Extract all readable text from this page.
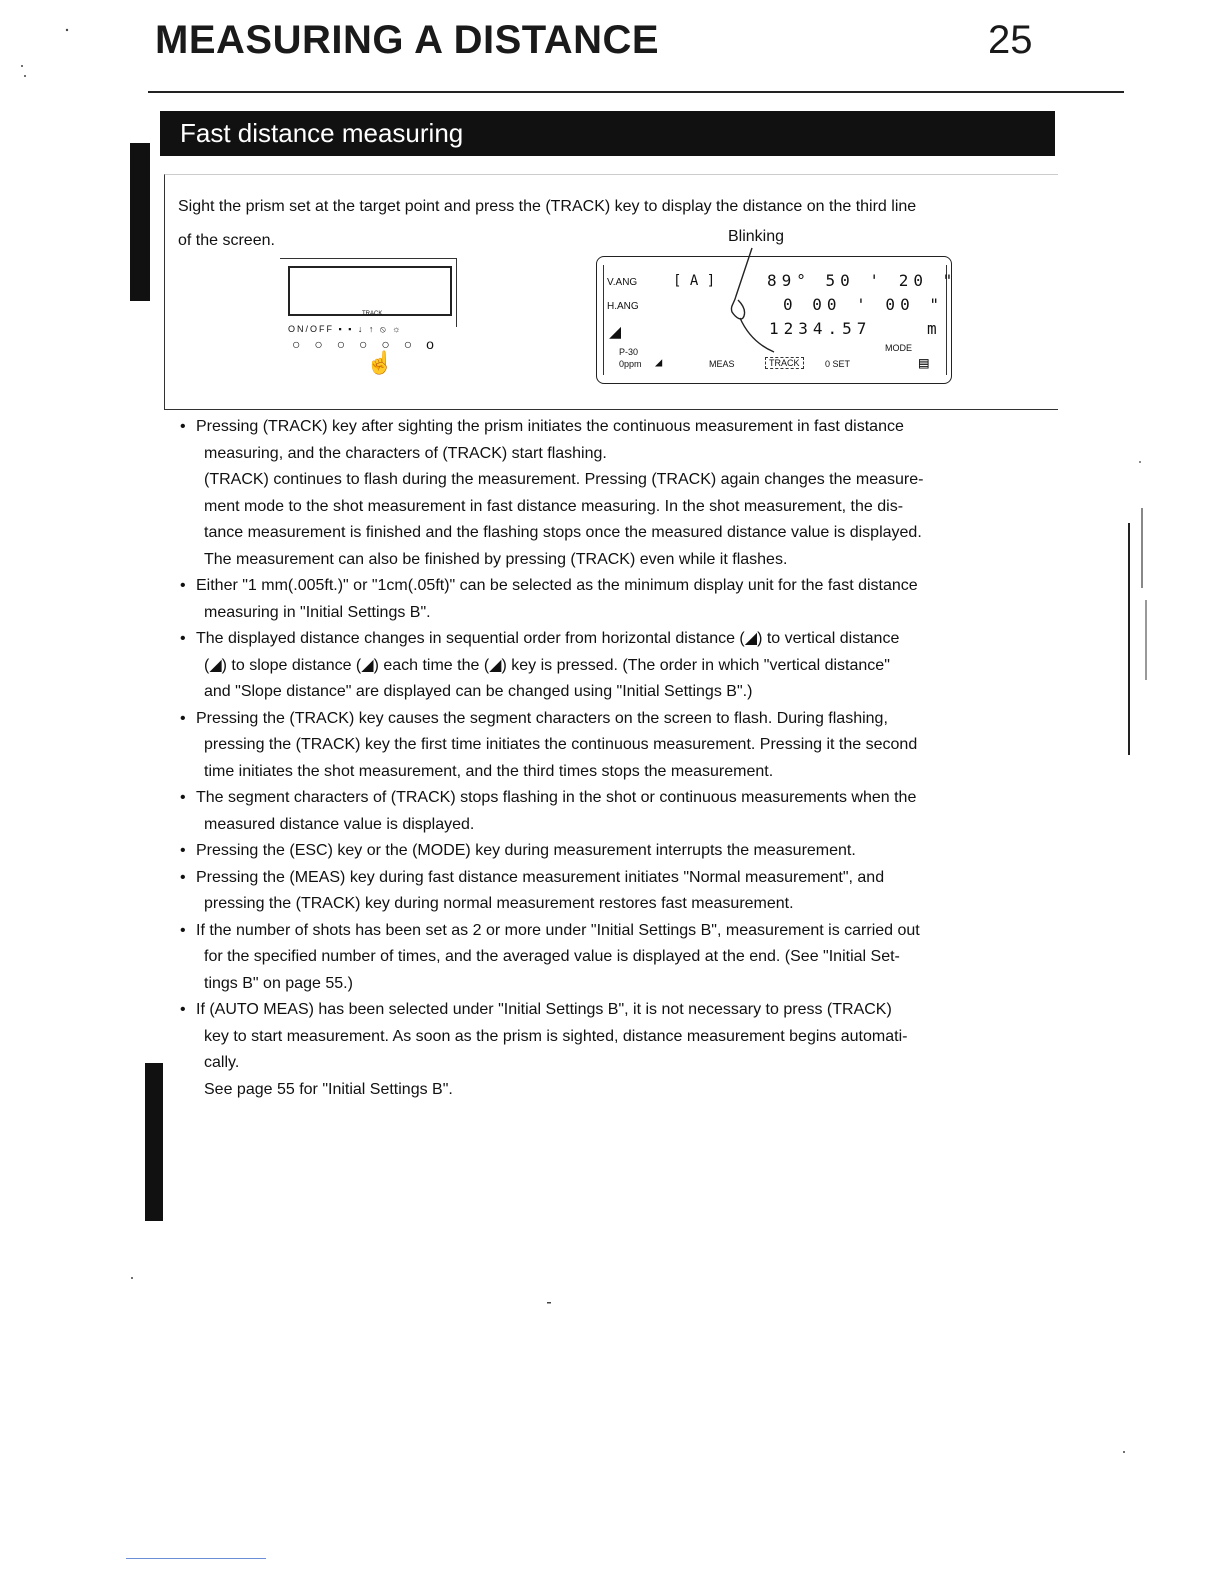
MEASURING A DISTANCE	25
Fast distance measuring
Sight the prism set at the target point and press the (TRACK) key to display the distance on the third line
of the screen.	Blinking
TRACK
ON/OFF ▪ ▪ ↓ ↑ ⦸ ☼
○ ○ ○ ○ ○ ○ o
☝
V.ANG	[ A ]	89° 50 ' 20 "
H.ANG	0 00 ' 00 "
◢	1234.57	m
P-30
0ppm
MODE
◢	MEAS	TRACK	0 SET	▤
• Pressing (TRACK) key after sighting the prism initiates the continuous measurement in fast distance
measuring, and the characters of (TRACK) start flashing.
(TRACK) continues to flash during the measurement. Pressing (TRACK) again changes the measure-
ment mode to the shot measurement in fast distance measuring. In the shot measurement, the dis-
tance measurement is finished and the flashing stops once the measured distance value is displayed.
The measurement can also be finished by pressing (TRACK) even while it flashes.
• Either "1 mm(.005ft.)" or "1cm(.05ft)" can be selected as the minimum display unit for the fast distance
measuring in "Initial Settings B".
• The displayed distance changes in sequential order from horizontal distance (◢) to vertical distance
(◢) to slope distance (◢) each time the (◢) key is pressed. (The order in which "vertical distance"
and "Slope distance" are displayed can be changed using "Initial Settings B".)
• Pressing the (TRACK) key causes the segment characters on the screen to flash. During flashing,
pressing the (TRACK) key the first time initiates the continuous measurement. Pressing it the second
time initiates the shot measurement, and the third times stops the measurement.
• The segment characters of (TRACK) stops flashing in the shot or continuous measurements when the
measured distance value is displayed.
• Pressing the (ESC) key or the (MODE) key during measurement interrupts the measurement.
• Pressing the (MEAS) key during fast distance measurement initiates "Normal measurement", and
pressing the (TRACK) key during normal measurement restores fast measurement.
• If the number of shots has been set as 2 or more under "Initial Settings B", measurement is carried out
for the specified number of times, and the averaged value is displayed at the end. (See "Initial Set-
tings B" on page 55.)
• If (AUTO MEAS) has been selected under "Initial Settings B", it is not necessary to press (TRACK)
key to start measurement. As soon as the prism is sighted, distance measurement begins automati-
cally.
See page 55 for "Initial Settings B".
